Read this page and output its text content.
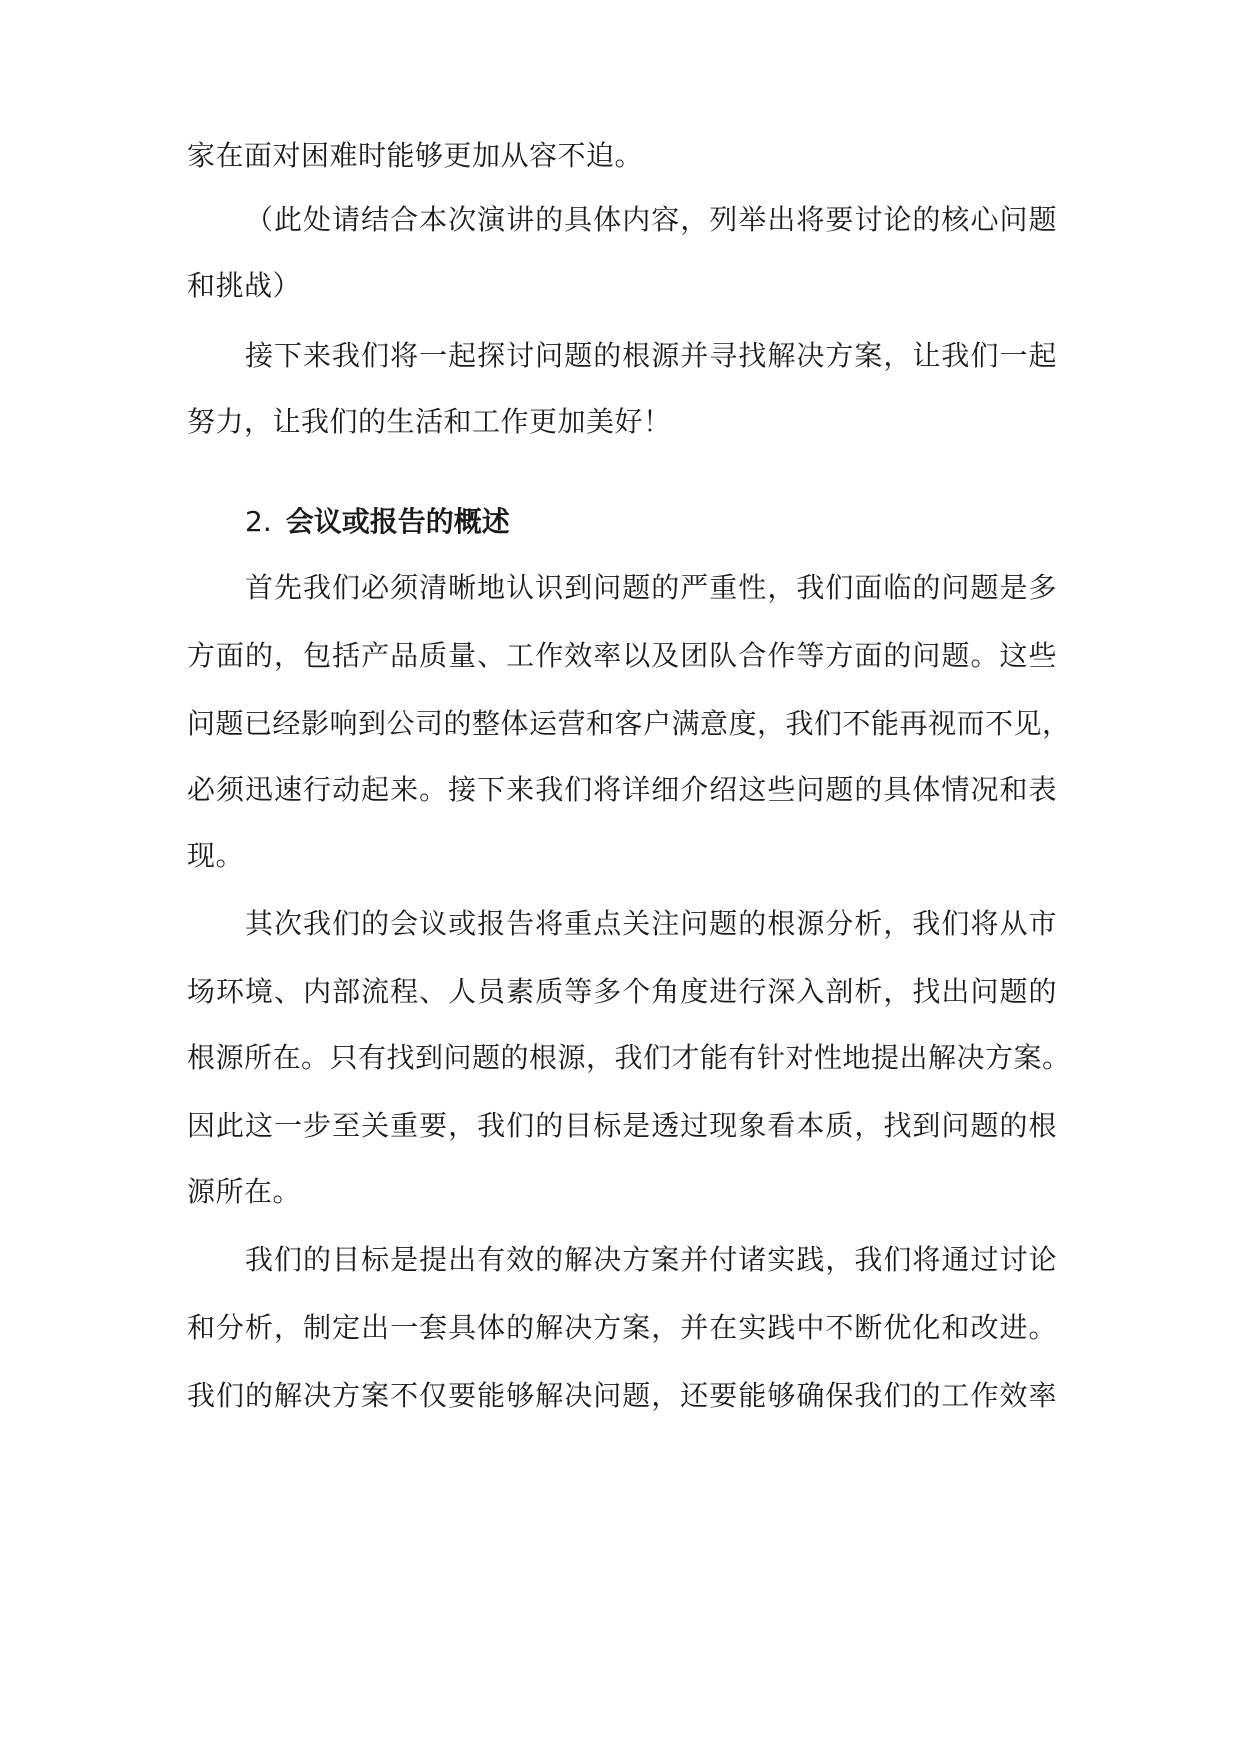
家在面对困难时能够更加从容不迫。
（此处请结合本次演讲的具体内容，列举出将要讨论的核心问题
和挑战）
接下来我们将一起探讨问题的根源并寻找解决方案，让我们一起
努力，让我们的生活和工作更加美好！
2. 会议或报告的概述
首先我们必须清晰地认识到问题的严重性，我们面临的问题是多
方面的，包括产品质量、工作效率以及团队合作等方面的问题。这些
问题已经影响到公司的整体运营和客户满意度，我们不能再视而不见，
必须迅速行动起来。接下来我们将详细介绍这些问题的具体情况和表
现。
其次我们的会议或报告将重点关注问题的根源分析，我们将从市
场环境、内部流程、人员素质等多个角度进行深入剖析，找出问题的
根源所在。只有找到问题的根源，我们才能有针对性地提出解决方案。
因此这一步至关重要，我们的目标是透过现象看本质，找到问题的根
源所在。
我们的目标是提出有效的解决方案并付诸实践，我们将通过讨论
和分析，制定出一套具体的解决方案，并在实践中不断优化和改进。
我们的解决方案不仅要能够解决问题，还要能够确保我们的工作效率
